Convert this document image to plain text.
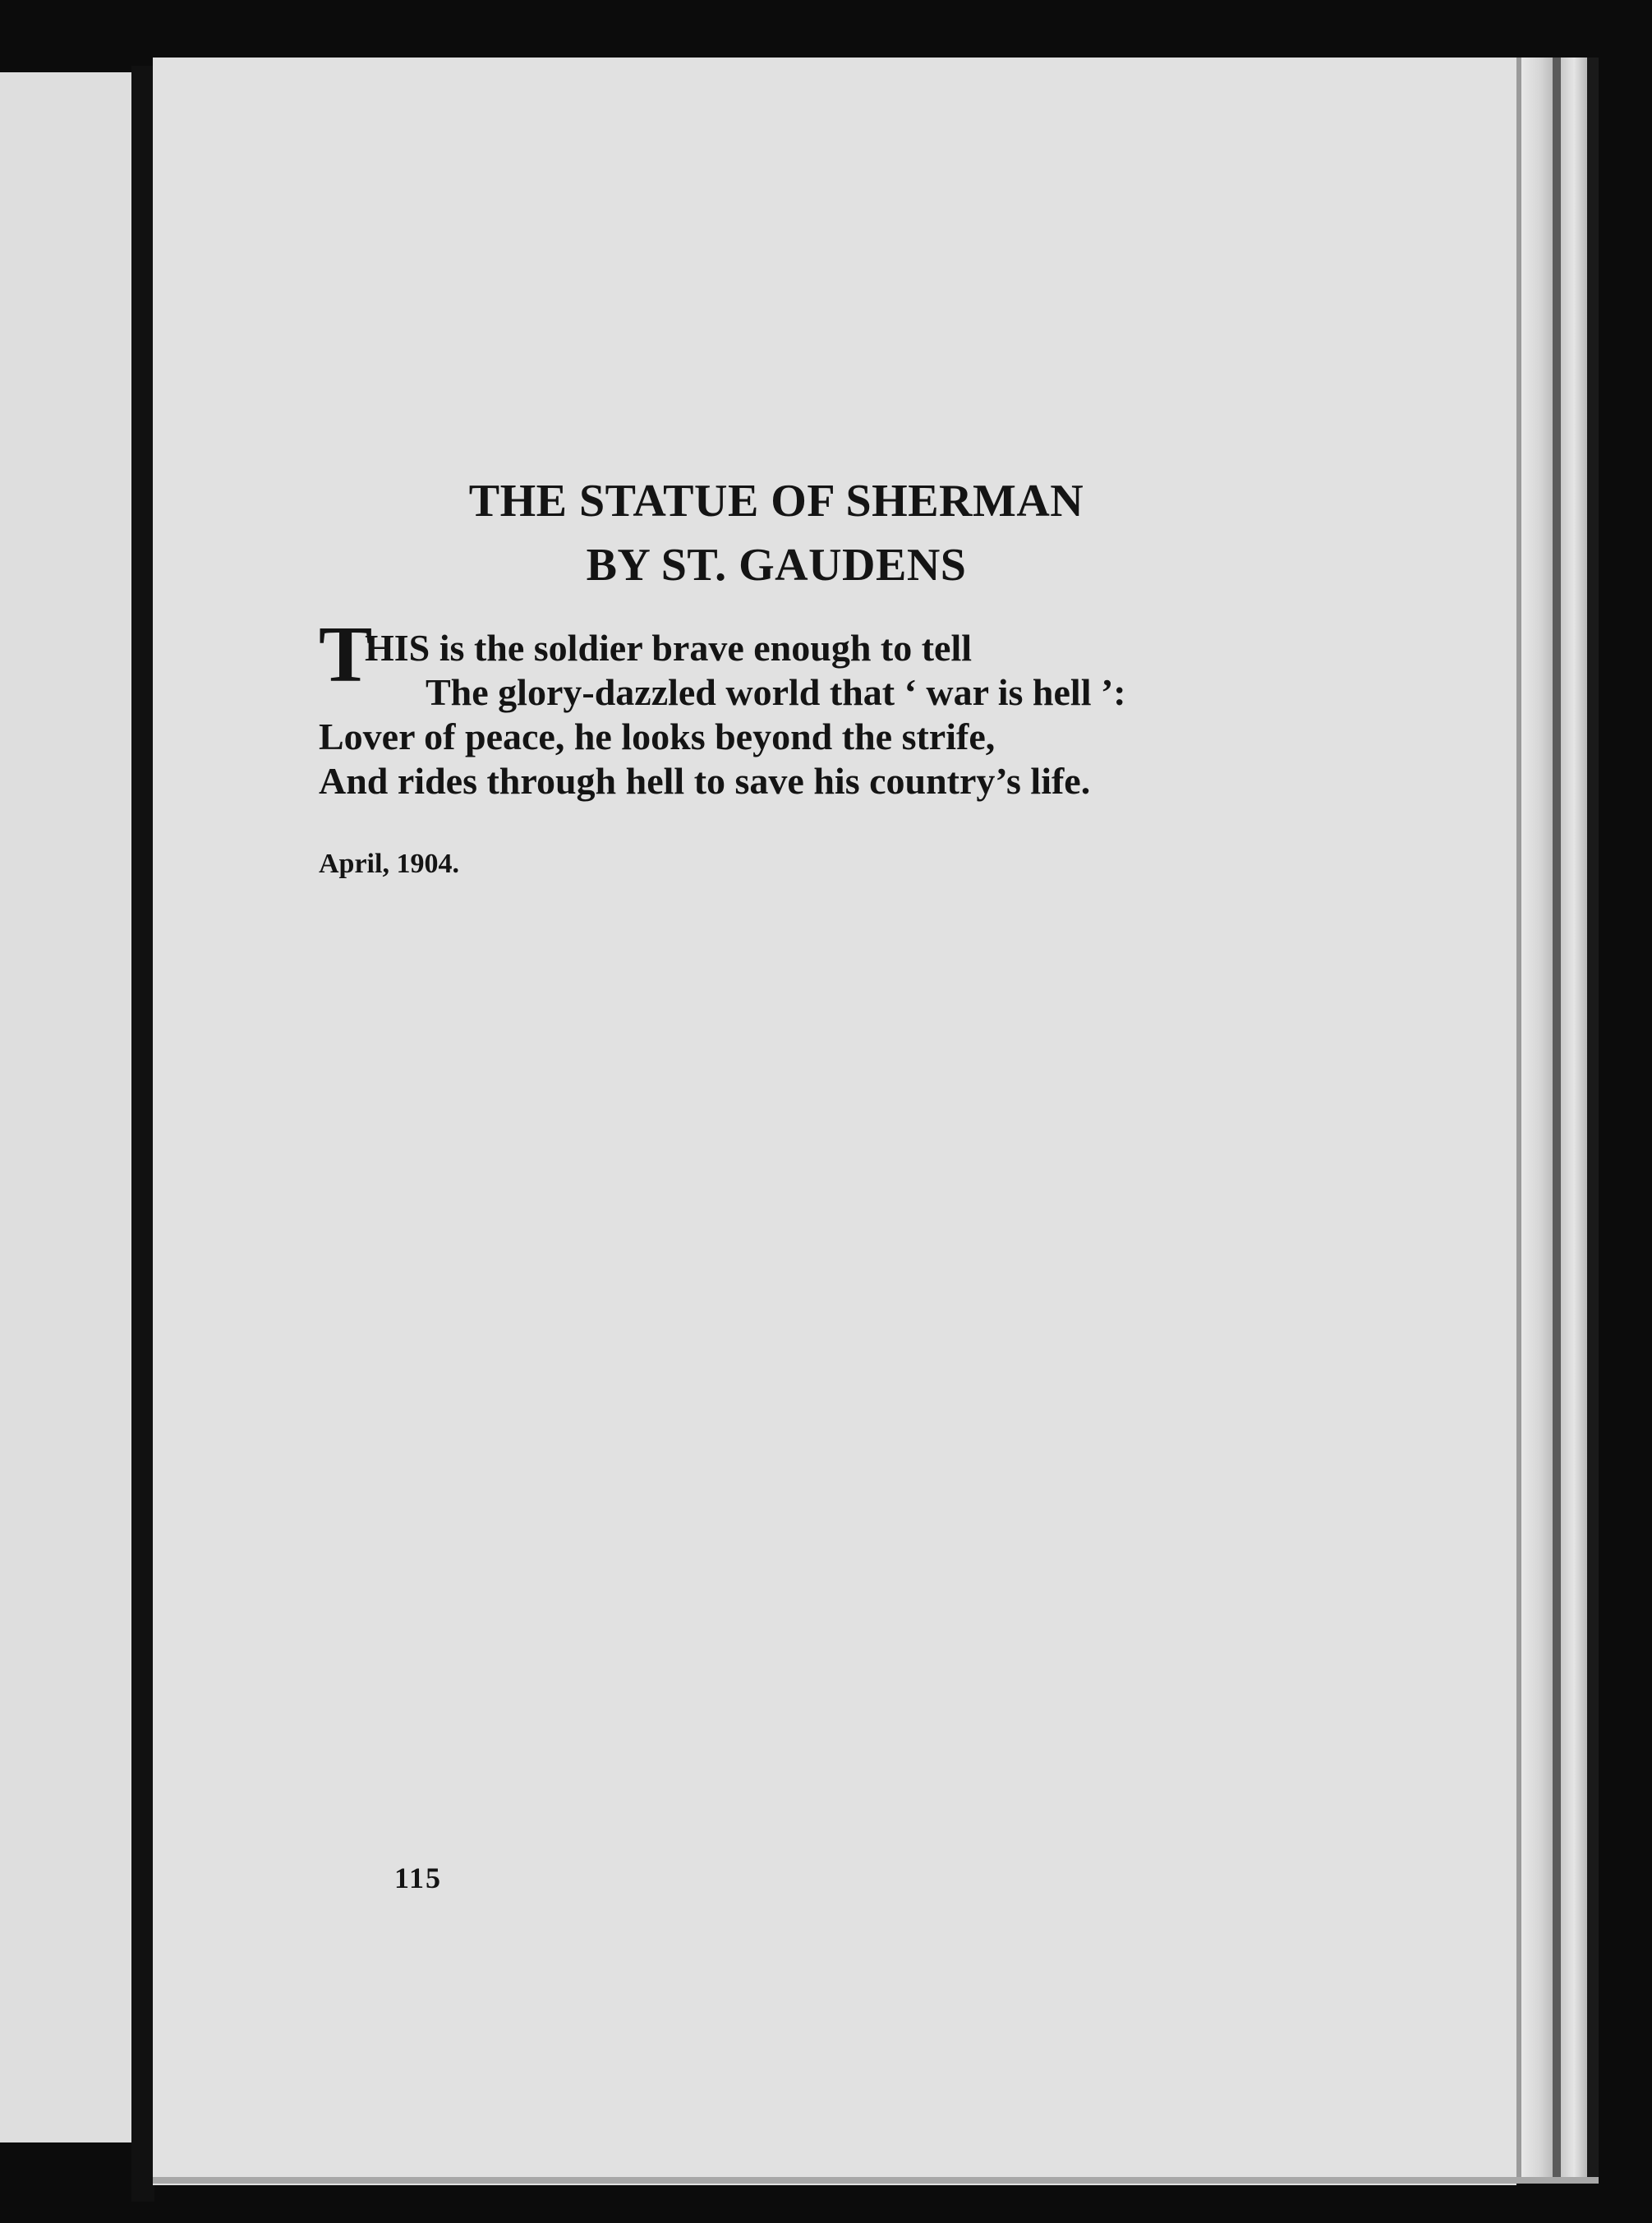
THE STATUE OF SHERMAN
BY ST. GAUDENS
T
HIS is the soldier brave enough to tell
The glory-dazzled world that ‘ war is hell ’:
Lover of peace, he looks beyond the strife,
And rides through hell to save his country’s life.
April, 1904.
115
